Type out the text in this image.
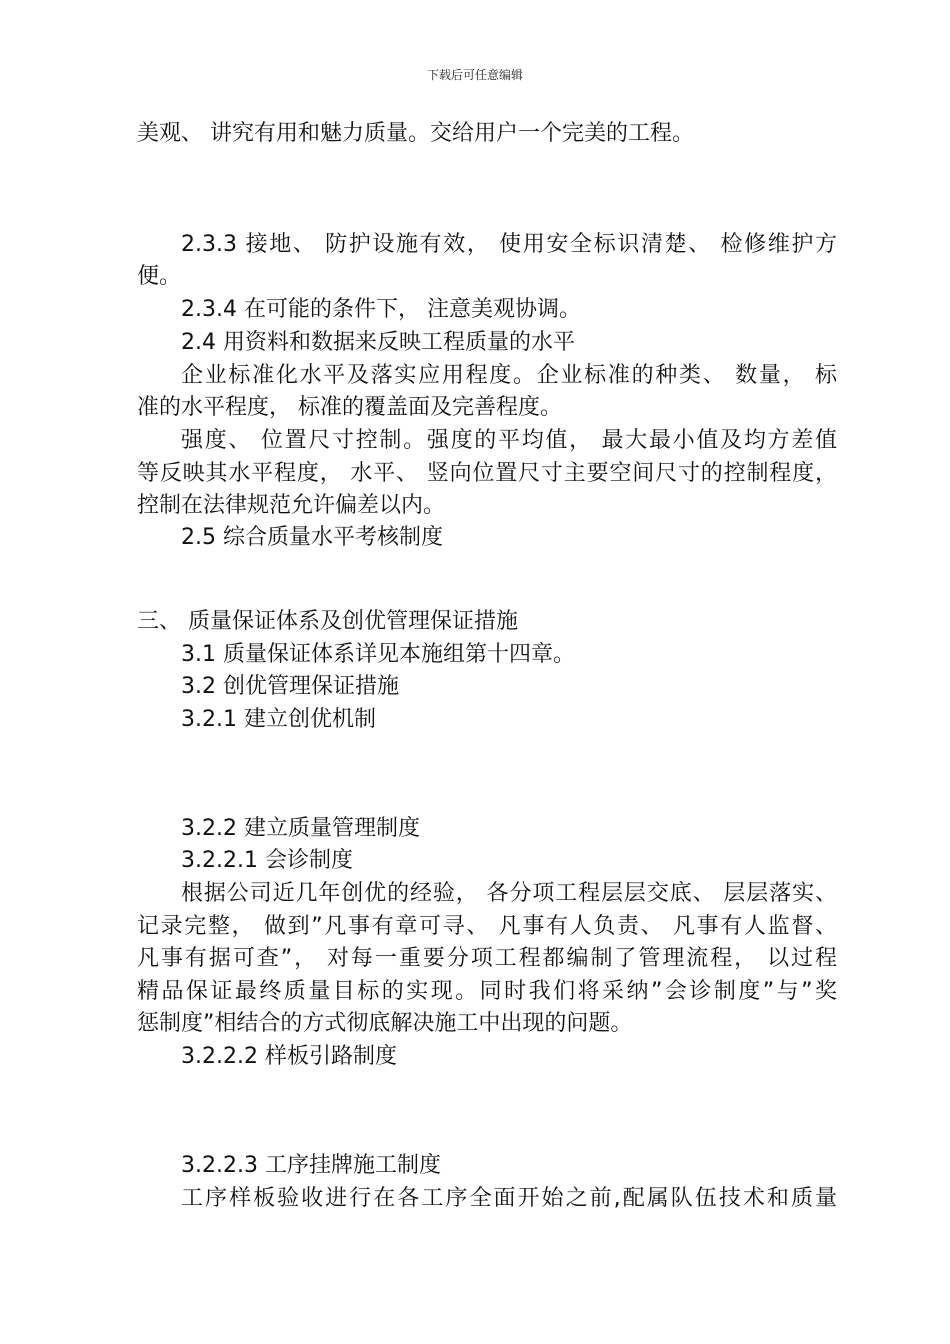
下载后可任意编辑
美观、 讲究有用和魅力质量。交给用户一个完美的工程。
2.3.3 接地、 防护设施有效， 使用安全标识清楚、 检修维护方
便。
2.3.4 在可能的条件下， 注意美观协调。
2.4 用资料和数据来反映工程质量的水平
企业标准化水平及落实应用程度。企业标准的种类、 数量， 标
准的水平程度， 标准的覆盖面及完善程度。
强度、 位置尺寸控制。强度的平均值， 最大最小值及均方差值
等反映其水平程度， 水平、 竖向位置尺寸主要空间尺寸的控制程度，
控制在法律规范允许偏差以内。
2.5 综合质量水平考核制度
三、 质量保证体系及创优管理保证措施
3.1 质量保证体系详见本施组第十四章。
3.2 创优管理保证措施
3.2.1 建立创优机制
3.2.2 建立质量管理制度
3.2.2.1 会诊制度
根据公司近几年创优的经验， 各分项工程层层交底、 层层落实、
记录完整， 做到”凡事有章可寻、 凡事有人负责、 凡事有人监督、
凡事有据可查”， 对每一重要分项工程都编制了管理流程， 以过程
精品保证最终质量目标的实现。同时我们将采纳”会诊制度”与”奖
惩制度”相结合的方式彻底解决施工中出现的问题。
3.2.2.2 样板引路制度
3.2.2.3 工序挂牌施工制度
工序样板验收进行在各工序全面开始之前,配属队伍技术和质量
